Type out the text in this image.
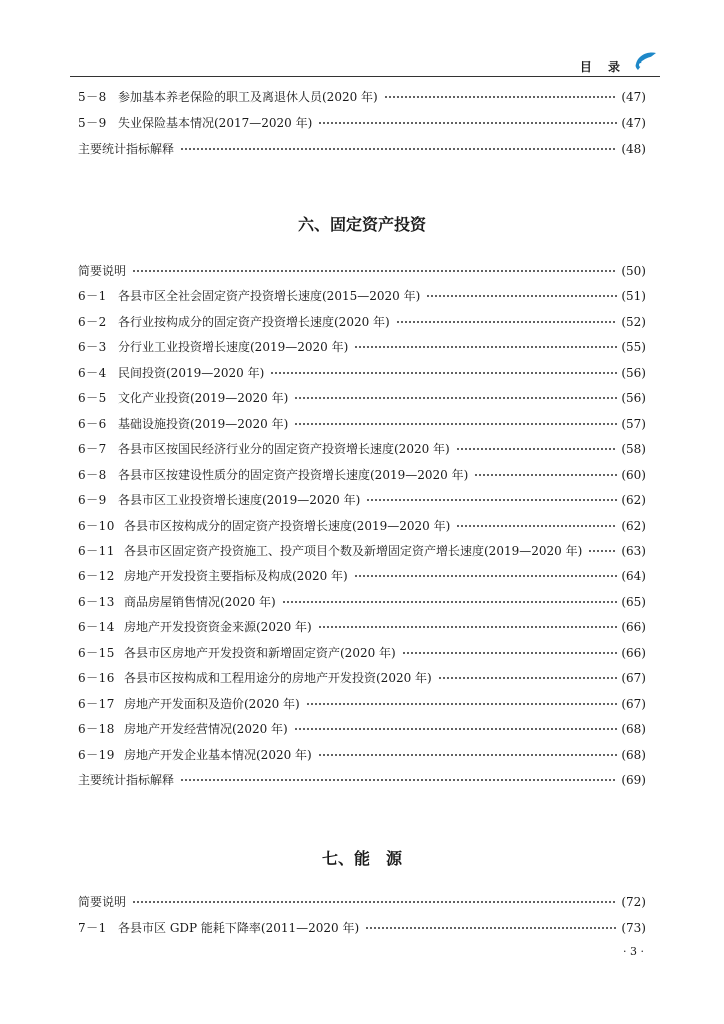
目 录
5－8 参加基本养老保险的职工及离退休人员(2020 年)	(47)
5－9 失业保险基本情况(2017—2020 年)	(47)
主要统计指标解释	(48)
六、固定资产投资
简要说明	(50)
6－1 各县市区全社会固定资产投资增长速度(2015—2020 年)	(51)
6－2 各行业按构成分的固定资产投资增长速度(2020 年)	(52)
6－3 分行业工业投资增长速度(2019—2020 年)	(55)
6－4 民间投资(2019—2020 年)	(56)
6－5 文化产业投资(2019—2020 年)	(56)
6－6 基础设施投资(2019—2020 年)	(57)
6－7 各县市区按国民经济行业分的固定资产投资增长速度(2020 年)	(58)
6－8 各县市区按建设性质分的固定资产投资增长速度(2019—2020 年)	(60)
6－9 各县市区工业投资增长速度(2019—2020 年)	(62)
6－10 各县市区按构成分的固定资产投资增长速度(2019—2020 年)	(62)
6－11 各县市区固定资产投资施工、投产项目个数及新增固定资产增长速度(2019—2020 年)	(63)
6－12 房地产开发投资主要指标及构成(2020 年)	(64)
6－13 商品房屋销售情况(2020 年)	(65)
6－14 房地产开发投资资金来源(2020 年)	(66)
6－15 各县市区房地产开发投资和新增固定资产(2020 年)	(66)
6－16 各县市区按构成和工程用途分的房地产开发投资(2020 年)	(67)
6－17 房地产开发面积及造价(2020 年)	(67)
6－18 房地产开发经营情况(2020 年)	(68)
6－19 房地产开发企业基本情况(2020 年)	(68)
主要统计指标解释	(69)
七、能　源
简要说明	(72)
7－1 各县市区 GDP 能耗下降率(2011—2020 年)	(73)
· 3 ·
